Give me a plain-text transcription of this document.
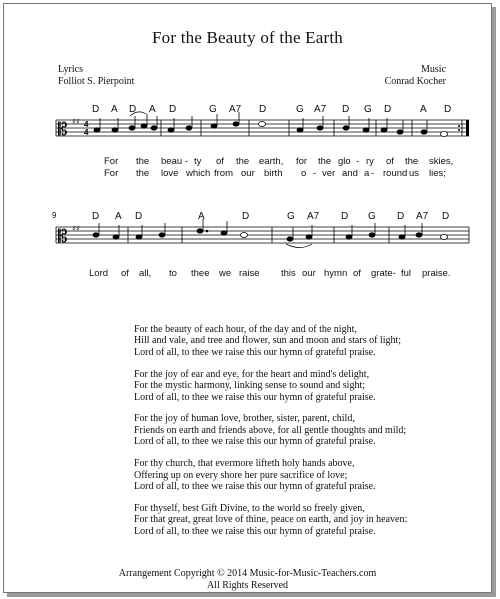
For the Beauty of the Earth
Lyrics
Folliot S. Pierpoint
Music
Conrad Kocher
D A D A D	G A7 D	G A7 D G D	A D
𝄡 ♯♯ 4
4
For the beau - ty of the earth, for the glo - ry of the skies,
For the love which from our birth o - ver and a - round us lies;
9	D A D	A	D	G A7 D G D A7 D
𝄡 ♯♯
Lord of all, to thee we raise this our hymn of grate- ful praise.
For the beauty of each hour, of the day and of the night,
Hill and vale, and tree and flower, sun and moon and stars of light;
Lord of all, to thee we raise this our hymn of grateful praise.
For the joy of ear and eye, for the heart and mind's delight,
For the mystic harmony, linking sense to sound and sight;
Lord of all, to thee we raise this our hymn of grateful praise.
For the joy of human love, brother, sister, parent, child,
Friends on earth and friends above, for all gentle thoughts and mild;
Lord of all, to thee we raise this our hymn of grateful praise.
For thy church, that evermore lifteth holy hands above,
Offering up on every shore her pure sacrifice of love;
Lord of all, to thee we raise this our hymn of grateful praise.
For thyself, best Gift Divine, to the world so freely given,
For that great, great love of thine, peace on earth, and joy in heaven:
Lord of all, to thee we raise this our hymn of grateful praise.
Arrangement Copyright © 2014 Music-for-Music-Teachers.com
All Rights Reserved
